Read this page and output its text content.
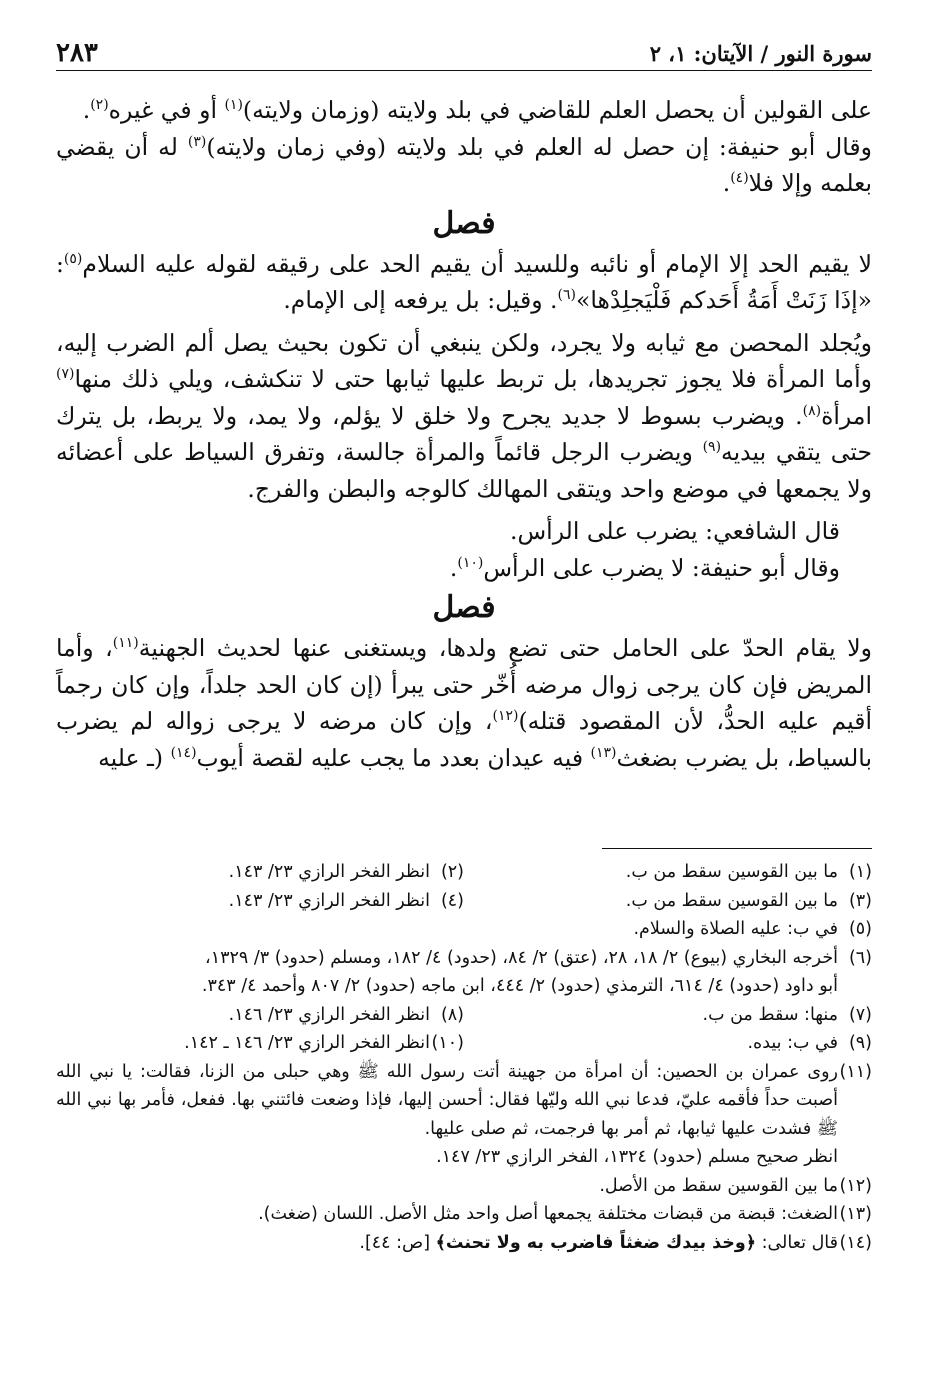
سورة النور / الآيتان: ١، ٢
٢٨٣

على القولين أن يحصل العلم للقاضي في بلد ولايته (وزمان ولايته)$^{(١)}$ أو في غيره$^{(٢)}$.

وقال أبو حنيفة: إن حصل له العلم في بلد ولايته (وفي زمان ولايته)$^{(٣)}$ له أن يقضي بعلمه وإلا فلا$^{(٤)}$.

فصل

لا يقيم الحد إلا الإمام أو نائبه وللسيد أن يقيم الحد على رقيقه لقوله عليه السلام$^{(٥)}$: «إذَا زَنَتْ أَمَةُ أَحَدكم فَلْيَجلِدْها»$^{(٦)}$. وقيل: بل يرفعه إلى الإمام.

ويُجلد المحصن مع ثيابه ولا يجرد، ولكن ينبغي أن تكون بحيث يصل ألم الضرب إليه، وأما المرأة فلا يجوز تجريدها، بل تربط عليها ثيابها حتى لا تنكشف، ويلي ذلك منها$^{(٧)}$ امرأة$^{(٨)}$. ويضرب بسوط لا جديد يجرح ولا خلق لا يؤلم، ولا يمد، ولا يربط، بل يترك حتى يتقي بيديه$^{(٩)}$ ويضرب الرجل قائماً والمرأة جالسة، وتفرق السياط على أعضائه ولا يجمعها في موضع واحد ويتقى المهالك كالوجه والبطن والفرج.

قال الشافعي: يضرب على الرأس.

وقال أبو حنيفة: لا يضرب على الرأس$^{(١٠)}$.

فصل

ولا يقام الحدّ على الحامل حتى تضع ولدها، ويستغنى عنها لحديث الجهنية$^{(١١)}$، وأما المريض فإن كان يرجى زوال مرضه أُخّر حتى يبرأ (إن كان الحد جلداً، وإن كان رجماً أقيم عليه الحدُّ، لأن المقصود قتله)$^{(١٢)}$، وإن كان مرضه لا يرجى زواله لم يضرب بالسياط، بل يضرب بضغث$^{(١٣)}$ فيه عيدان بعدد ما يجب عليه لقصة أيوب$^{(١٤)}$ (ـ عليه

(١)
ما بين القوسين سقط من ب.
(٢)
انظر الفخر الرازي ٢٣/ ١٤٣.
(٣)
ما بين القوسين سقط من ب.
(٤)
انظر الفخر الرازي ٢٣/ ١٤٣.
(٥)
في ب: عليه الصلاة والسلام.
(٦)
أخرجه البخاري (بيوع) ٢/ ١٨، ٢٨، (عتق) ٢/ ٨٤، (حدود) ٤/ ١٨٢، ومسلم (حدود) ٣/ ١٣٢٩،
أبو داود (حدود) ٤/ ٦١٤، الترمذي (حدود) ٢/ ٤٤٤، ابن ماجه (حدود) ٢/ ٨٠٧ وأحمد ٤/ ٣٤٣.
(٧)
منها: سقط من ب.
(٨)
انظر الفخر الرازي ٢٣/ ١٤٦.
(٩)
في ب: بيده.
(١٠)
انظر الفخر الرازي ٢٣/ ١٤٦ ـ ١٤٢.
(١١)
روى عمران بن الحصين: أن امرأة من جهينة أتت رسول الله ﷺ وهي حبلى من الزنا، فقالت: يا نبي الله أصبت حداً فأقمه عليّ، فدعا نبي الله وليّها فقال: أحسن إليها، فإذا وضعت فائتني بها. ففعل، فأمر بها نبي الله ﷺ فشدت عليها ثيابها، ثم أمر بها فرجمت، ثم صلى عليها.
انظر صحيح مسلم (حدود) ١٣٢٤، الفخر الرازي ٢٣/ ١٤٧.
(١٢)
ما بين القوسين سقط من الأصل.
(١٣)
الضغث: قبضة من قبضات مختلفة يجمعها أصل واحد مثل الأصل. اللسان (ضغث).
(١٤)
قال تعالى: ﴿وخذ بيدك ضغثاً فاضرب به ولا تحنث﴾ [ص: ٤٤].
